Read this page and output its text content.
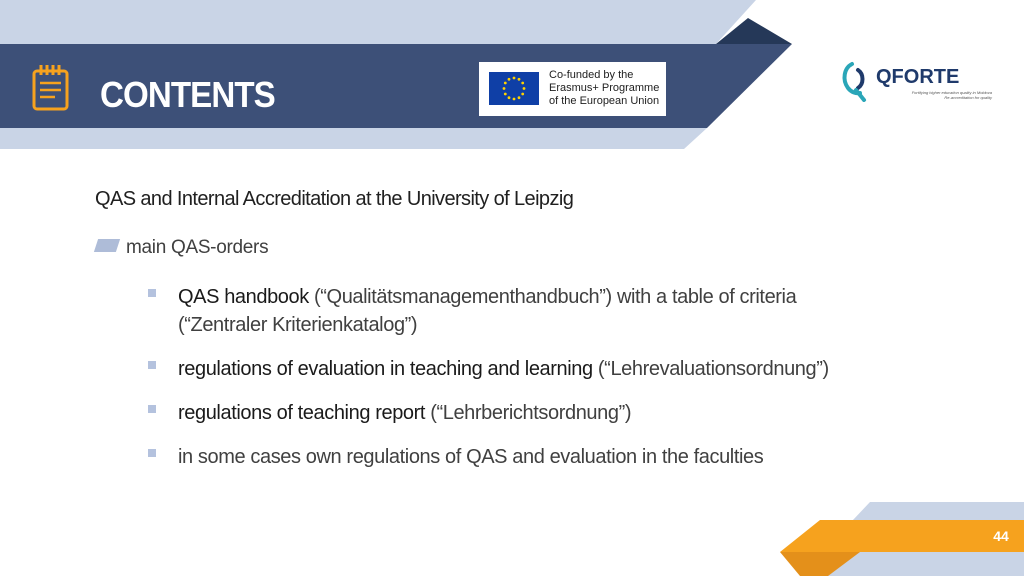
CONTENTS	Co-funded by the
Erasmus+ Programme
of the European Union
QFORTE
Fortifying higher education quality in Moldova
Re-accreditation for quality
QAS and Internal Accreditation at the University of Leipzig
main QAS-orders
QAS handbook (“Qualitätsmanagementhandbuch”) with a table of criteria (“Zentraler Kriterienkatalog”)
regulations of evaluation in teaching and learning (“Lehrevaluationsordnung”)
regulations of teaching report (“Lehrberichtsordnung”)
in some cases own regulations of QAS and evaluation in the faculties
44
